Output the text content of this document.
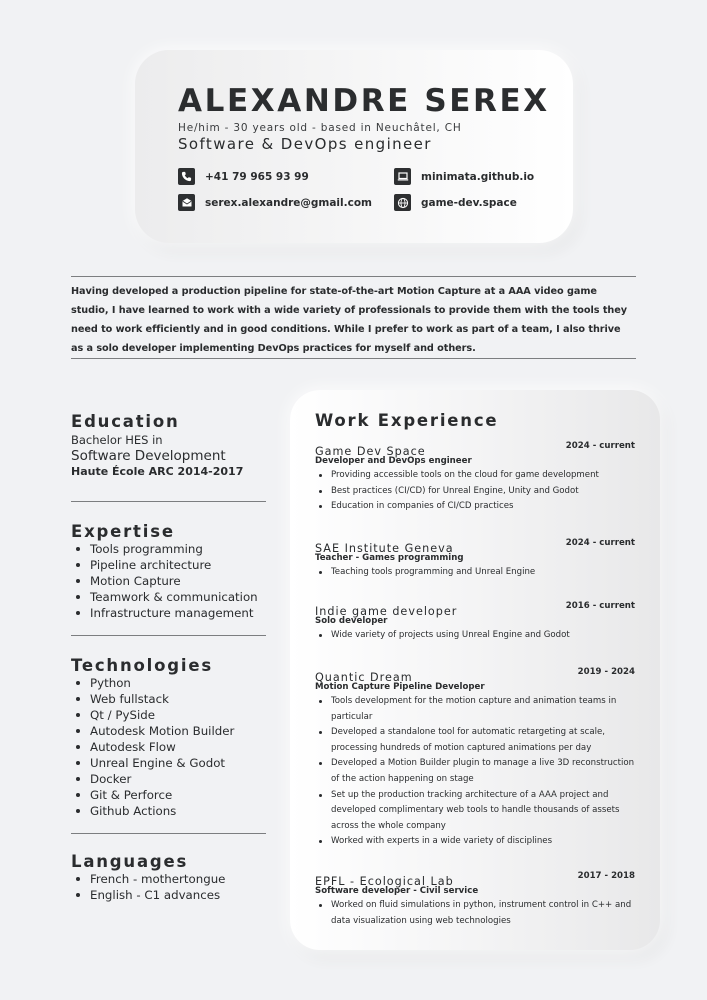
ALEXANDRE SEREX
He/him - 30 years old - based in Neuchâtel, CH
Software & DevOps engineer
+41 79 965 93 99	minimata.github.io
serex.alexandre@gmail.com	game-dev.space

Having developed a production pipeline for state-of-the-art Motion Capture at a AAA video game studio, I have learned to work with a wide variety of professionals to provide them with the tools they need to work efficiently and in good conditions. While I prefer to work as part of a team, I also thrive as a solo developer implementing DevOps practices for myself and others.

Education
Bachelor HES in
Software Development
Haute École ARC 2014-2017
Expertise
Tools programming
Pipeline architecture
Motion Capture
Teamwork & communication
Infrastructure management
Technologies
Python
Web fullstack
Qt / PySide
Autodesk Motion Builder
Autodesk Flow
Unreal Engine & Godot
Docker
Git & Perforce
Github Actions
Languages
French - mothertongue
English - C1 advances
Work Experience
Game Dev Space	2024 - current
Developer and DevOps engineer
Providing accessible tools on the cloud for game development
Best practices (CI/CD) for Unreal Engine, Unity and Godot
Education in companies of CI/CD practices
SAE Institute Geneva	2024 - current
Teacher - Games programming
Teaching tools programming and Unreal Engine
Indie game developer	2016 - current
Solo developer
Wide variety of projects using Unreal Engine and Godot
Quantic Dream	2019 - 2024
Motion Capture Pipeline Developer
Tools development for the motion capture and animation teams in particular
Developed a standalone tool for automatic retargeting at scale, processing hundreds of motion captured animations per day
Developed a Motion Builder plugin to manage a live 3D reconstruction of the action happening on stage
Set up the production tracking architecture of a AAA project and developed complimentary web tools to handle thousands of assets across the whole company
Worked with experts in a wide variety of disciplines
EPFL - Ecological Lab	2017 - 2018
Software developer - Civil service
Worked on fluid simulations in python, instrument control in C++ and data visualization using web technologies
